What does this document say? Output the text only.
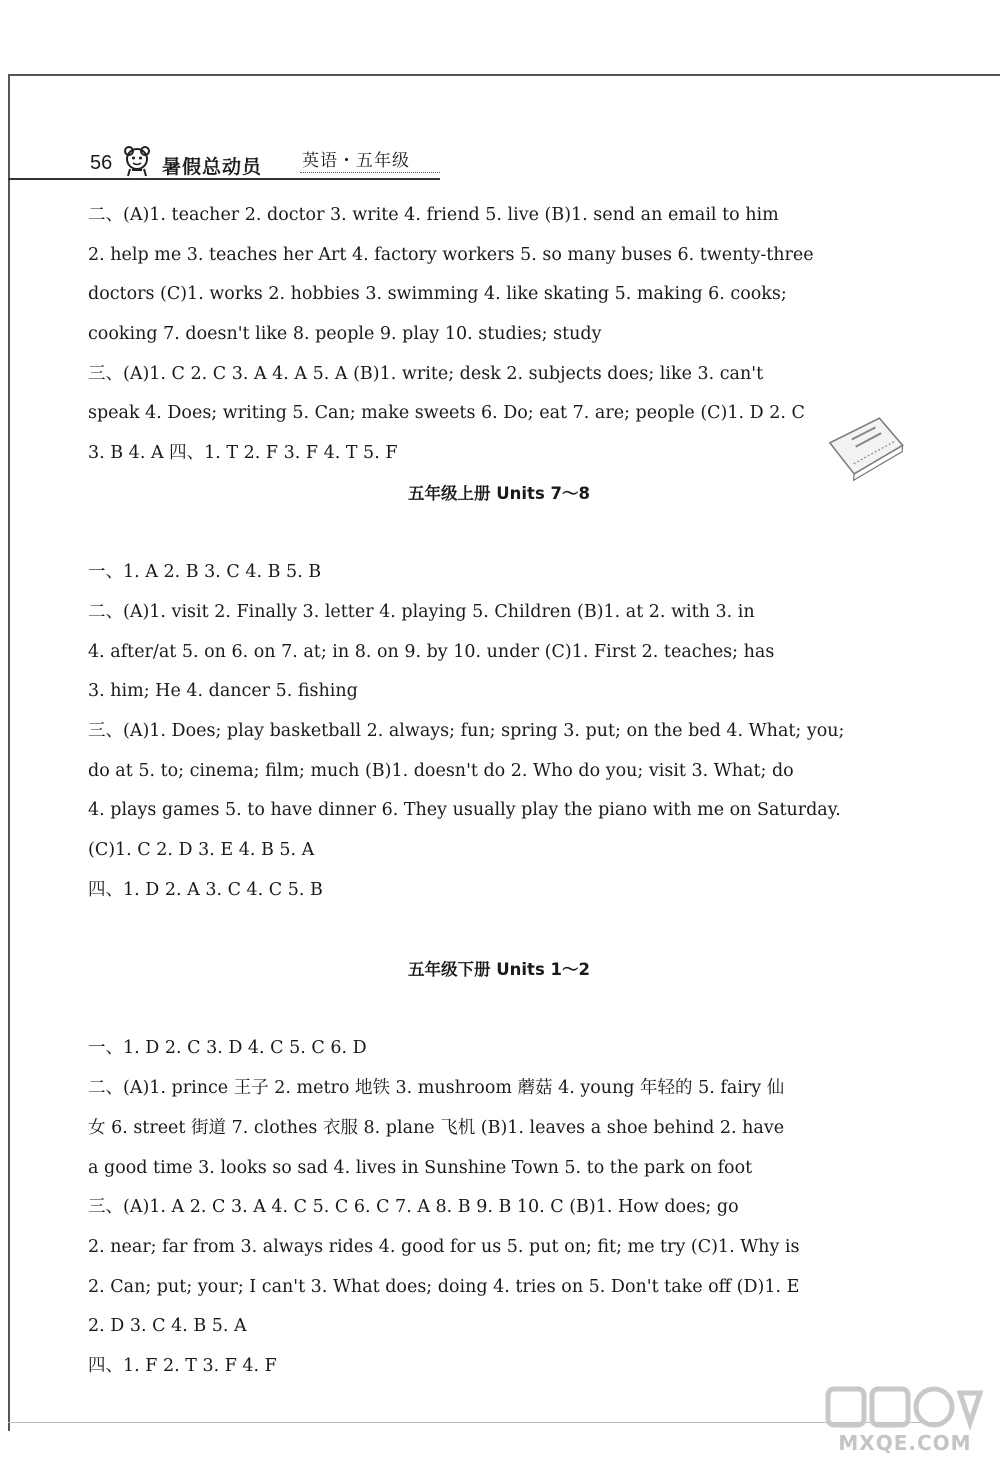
56	暑假总动员 英语・五年级
二、(A)1. teacher 2. doctor 3. write 4. friend 5. live (B)1. send an email to him
2. help me 3. teaches her Art 4. factory workers 5. so many buses 6. twenty-three
doctors (C)1. works 2. hobbies 3. swimming 4. like skating 5. making 6. cooks;
cooking 7. doesn't like 8. people 9. play 10. studies; study
三、(A)1. C 2. C 3. A 4. A 5. A (B)1. write; desk 2. subjects does; like 3. can't
speak 4. Does; writing 5. Can; make sweets 6. Do; eat 7. are; people (C)1. D 2. C
3. B 4. A 四、1. T 2. F 3. F 4. T 5. F
五年级上册 Units 7～8
一、1. A 2. B 3. C 4. B 5. B
二、(A)1. visit 2. Finally 3. letter 4. playing 5. Children (B)1. at 2. with 3. in
4. after/at 5. on 6. on 7. at; in 8. on 9. by 10. under (C)1. First 2. teaches; has
3. him; He 4. dancer 5. fishing
三、(A)1. Does; play basketball 2. always; fun; spring 3. put; on the bed 4. What; you;
do at 5. to; cinema; film; much (B)1. doesn't do 2. Who do you; visit 3. What; do
4. plays games 5. to have dinner 6. They usually play the piano with me on Saturday.
(C)1. C 2. D 3. E 4. B 5. A
四、1. D 2. A 3. C 4. C 5. B
五年级下册 Units 1～2
一、1. D 2. C 3. D 4. C 5. C 6. D
二、(A)1. prince 王子 2. metro 地铁 3. mushroom 蘑菇 4. young 年轻的 5. fairy 仙
女 6. street 街道 7. clothes 衣服 8. plane 飞机 (B)1. leaves a shoe behind 2. have
a good time 3. looks so sad 4. lives in Sunshine Town 5. to the park on foot
三、(A)1. A 2. C 3. A 4. C 5. C 6. C 7. A 8. B 9. B 10. C (B)1. How does; go
2. near; far from 3. always rides 4. good for us 5. put on; fit; me try (C)1. Why is
2. Can; put; your; I can't 3. What does; doing 4. tries on 5. Don't take off (D)1. E
2. D 3. C 4. B 5. A
四、1. F 2. T 3. F 4. F
MXQE.COM
